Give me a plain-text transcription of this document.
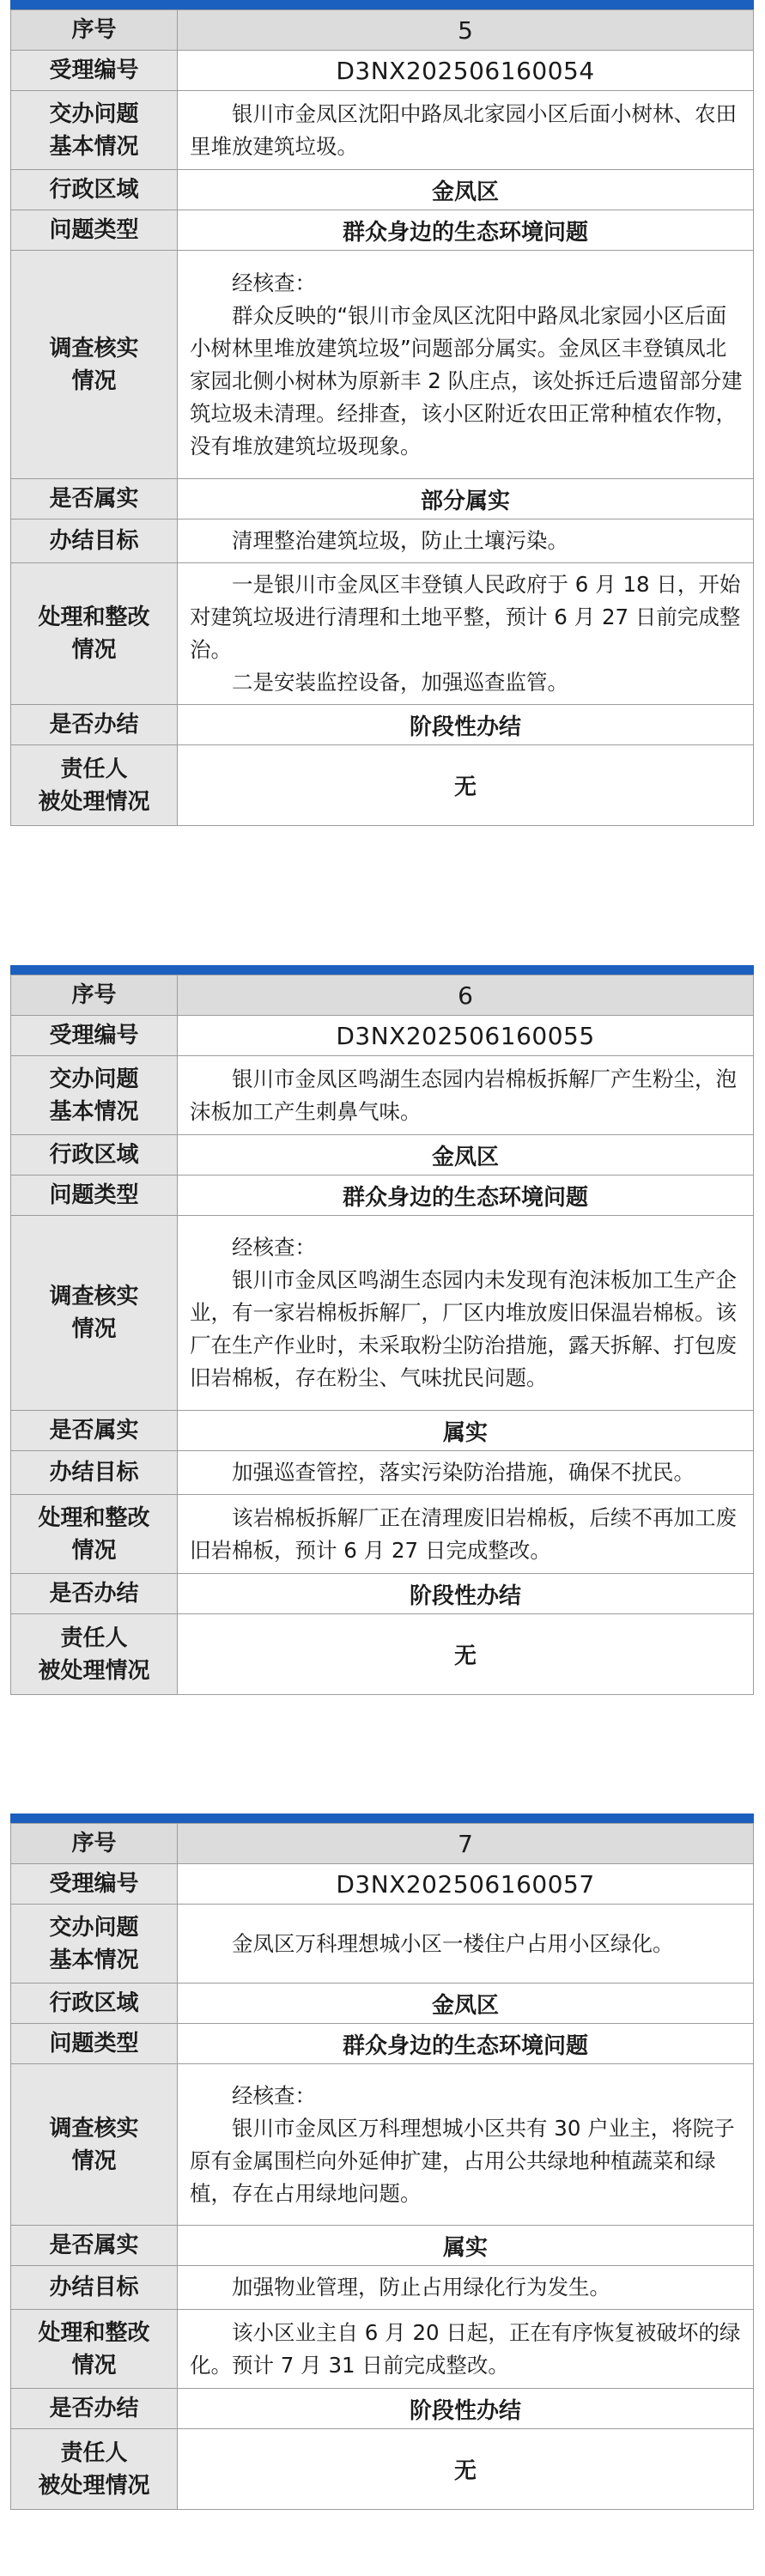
序号	5
受理编号	D3NX202506160054

交办问题
基本情况	银川市金凤区沈阳中路凤北家园小区后面小树林、农田里堆放建筑垃圾。

行政区域	金凤区
问题类型	群众身边的生态环境问题

调查核实
情况	经核查：
群众反映的“银川市金凤区沈阳中路凤北家园小区后面小树林里堆放建筑垃圾”问题部分属实。金凤区丰登镇凤北家园北侧小树林为原新丰 2 队庄点，该处拆迁后遗留部分建筑垃圾未清理。经排查，该小区附近农田正常种植农作物，没有堆放建筑垃圾现象。

是否属实	部分属实
办结目标	清理整治建筑垃圾，防止土壤污染。

处理和整改
情况	一是银川市金凤区丰登镇人民政府于 6 月 18 日，开始对建筑垃圾进行清理和土地平整，预计 6 月 27 日前完成整治。
二是安装监控设备，加强巡查监管。

是否办结	阶段性办结

责任人
被处理情况	无
序号	6
受理编号	D3NX202506160055

交办问题
基本情况	银川市金凤区鸣湖生态园内岩棉板拆解厂产生粉尘，泡沫板加工产生刺鼻气味。

行政区域	金凤区
问题类型	群众身边的生态环境问题

调查核实
情况	经核查：
银川市金凤区鸣湖生态园内未发现有泡沫板加工生产企业，有一家岩棉板拆解厂，厂区内堆放废旧保温岩棉板。该厂在生产作业时，未采取粉尘防治措施，露天拆解、打包废旧岩棉板，存在粉尘、气味扰民问题。

是否属实	属实
办结目标	加强巡查管控，落实污染防治措施，确保不扰民。

处理和整改
情况	该岩棉板拆解厂正在清理废旧岩棉板，后续不再加工废旧岩棉板，预计 6 月 27 日完成整改。

是否办结	阶段性办结

责任人
被处理情况	无
序号	7
受理编号	D3NX202506160057

交办问题
基本情况	金凤区万科理想城小区一楼住户占用小区绿化。

行政区域	金凤区
问题类型	群众身边的生态环境问题

调查核实
情况	经核查：
银川市金凤区万科理想城小区共有 30 户业主，将院子原有金属围栏向外延伸扩建，占用公共绿地种植蔬菜和绿植，存在占用绿地问题。

是否属实	属实
办结目标	加强物业管理，防止占用绿化行为发生。

处理和整改
情况	该小区业主自 6 月 20 日起，正在有序恢复被破坏的绿化。预计 7 月 31 日前完成整改。

是否办结	阶段性办结

责任人
被处理情况	无
